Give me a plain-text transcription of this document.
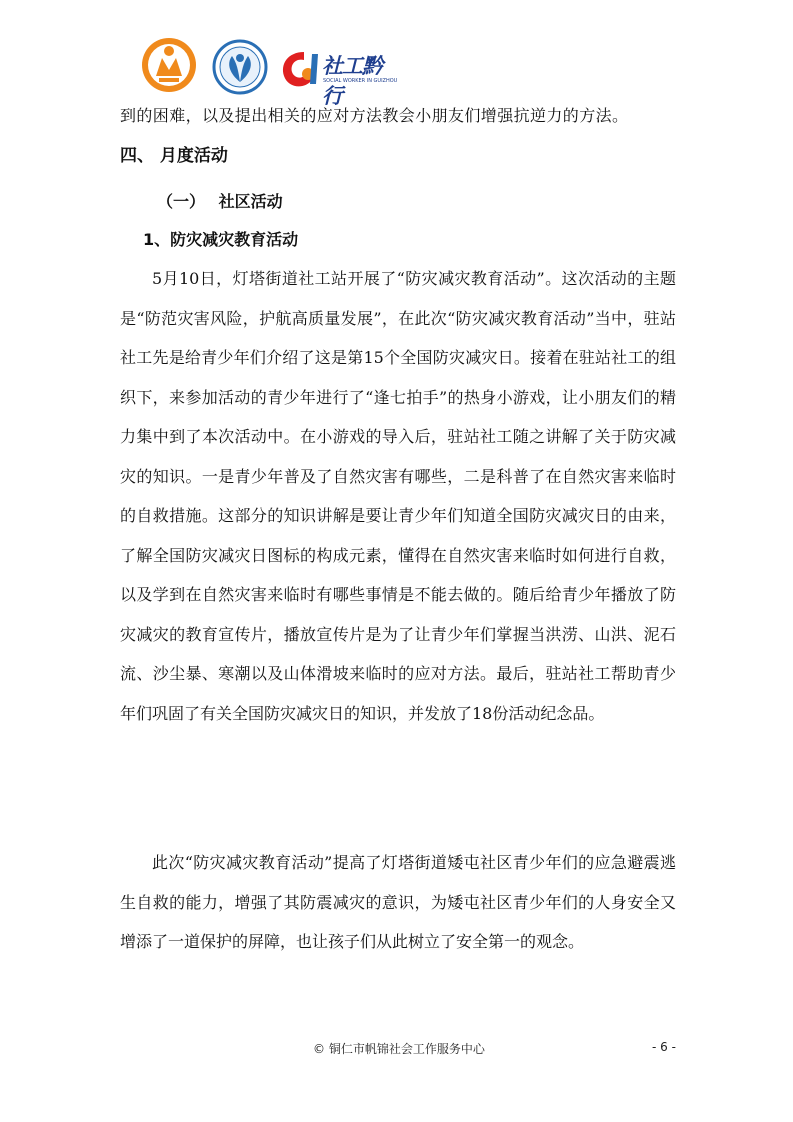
社工黔行
SOCIAL WORKER IN GUIZHOU
到的困难，以及提出相关的应对方法教会小朋友们增强抗逆力的方法。
四、 月度活动
（一）　 社区活动
1、防灾减灾教育活动

5月10日，灯塔街道社工站开展了“防灾减灾教育活动”。这次活动的主题是“防范灾害风险，护航高质量发展”，在此次“防灾减灾教育活动”当中，驻站社工先是给青少年们介绍了这是第15个全国防灾减灾日。接着在驻站社工的组织下，来参加活动的青少年进行了“逢七拍手”的热身小游戏，让小朋友们的精力集中到了本次活动中。在小游戏的导入后，驻站社工随之讲解了关于防灾减灾的知识。一是青少年普及了自然灾害有哪些，二是科普了在自然灾害来临时的自救措施。这部分的知识讲解是要让青少年们知道全国防灾减灾日的由来，了解全国防灾减灾日图标的构成元素，懂得在自然灾害来临时如何进行自救，以及学到在自然灾害来临时有哪些事情是不能去做的。随后给青少年播放了防灾减灾的教育宣传片，播放宣传片是为了让青少年们掌握当洪涝、山洪、泥石流、沙尘暴、寒潮以及山体滑坡来临时的应对方法。最后，驻站社工帮助青少年们巩固了有关全国防灾减灾日的知识，并发放了18份活动纪念品。

此次“防灾减灾教育活动”提高了灯塔街道矮屯社区青少年们的应急避震逃生自救的能力，增强了其防震减灾的意识，为矮屯社区青少年们的人身安全又增添了一道保护的屏障，也让孩子们从此树立了安全第一的观念。

© 铜仁市帆锦社会工作服务中心	- 6 -
